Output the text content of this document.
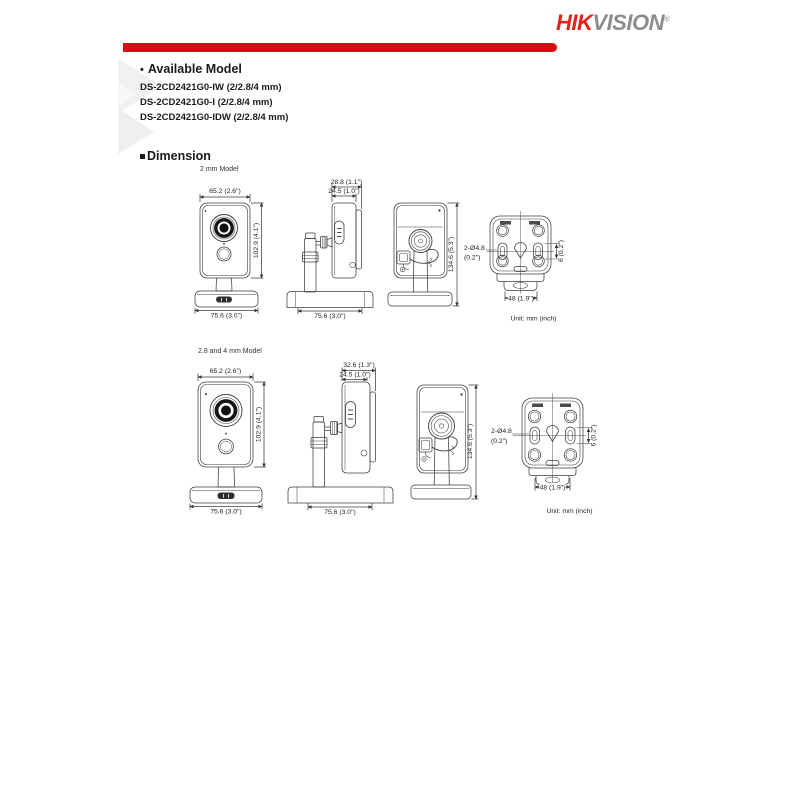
HIKVISION®
• Available Model
DS-2CD2421G0-IW (2/2.8/4 mm)
DS-2CD2421G0-I (2/2.8/4 mm)
DS-2CD2421G0-IDW (2/2.8/4 mm)
Dimension
2 mm Model
65.2 (2.6")
102.9 (4.1")
75.6 (3.0")
28.8 (1.1")
24.5 (1.0")
75.6 (3.0")
134.6 (5.3") 2-Ø4.8
(0.2")	6 (0.2")
48 (1.9")
Unit: mm (inch)
2.8 and 4 mm Model
65.2 (2.6")
102.9 (4.1")
75.6 (3.0")
32.6 (1.3")
24.5 (1.0")
75.6 (3.0")
134.6 (5.3")	2-Ø4.8
(0.2")	6 (0.2")
48 (1.9")
Unit: mm (inch)
